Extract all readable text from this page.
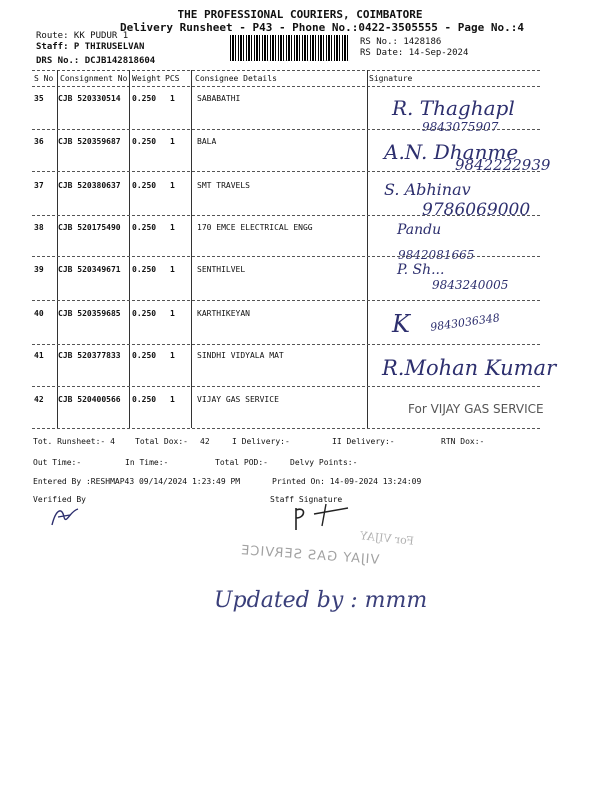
THE PROFESSIONAL COURIERS, COIMBATORE
Delivery Runsheet - P43 - Phone No.:0422-3505555 - Page No.:4
Route: KK PUDUR 1
Staff: P THIRUSELVAN
DRS No.: DCJB142818604
RS No.: 1428186
RS Date: 14-Sep-2024
S No Consignment No Weight PCS Consignee Details	Signature
35 CJB 520330514 0.250 1	SABABATHI	R. Thaghapl
9843075907
36 CJB 520359687 0.250 1	BALA	A.N. Dhanme
9842222939
37 CJB 520380637 0.250 1	SMT TRAVELS	S. Abhinav
9786069000
38 CJB 520175490 0.250 1	170 EMCE ELECTRICAL ENGG	Pandu
9842081665
39 CJB 520349671 0.250 1	SENTHILVEL	P. Sh...
9843240005
40 CJB 520359685 0.250 1	KARTHIKEYAN	K 9843036348
41 CJB 520377833 0.250 1	SINDHI VIDYALA MAT
R.Mohan Kumar
42 CJB 520400566 0.250 1	VIJAY GAS SERVICE
For VIJAY GAS SERVICE
Tot. Runsheet:- 4	Total Dox:- 42	I Delivery:-	II Delivery:-	RTN Dox:-
Out Time:-	In Time:-	Total POD:-	Delvy Points:-
Entered By :RESHMAP43 09/14/2024 1:23:49 PM	Printed On: 14-09-2024 13:24:09
Verified By	Staff Signature
VIJAY GAS SERVICE
For VIJAY
Updated by : mmm
